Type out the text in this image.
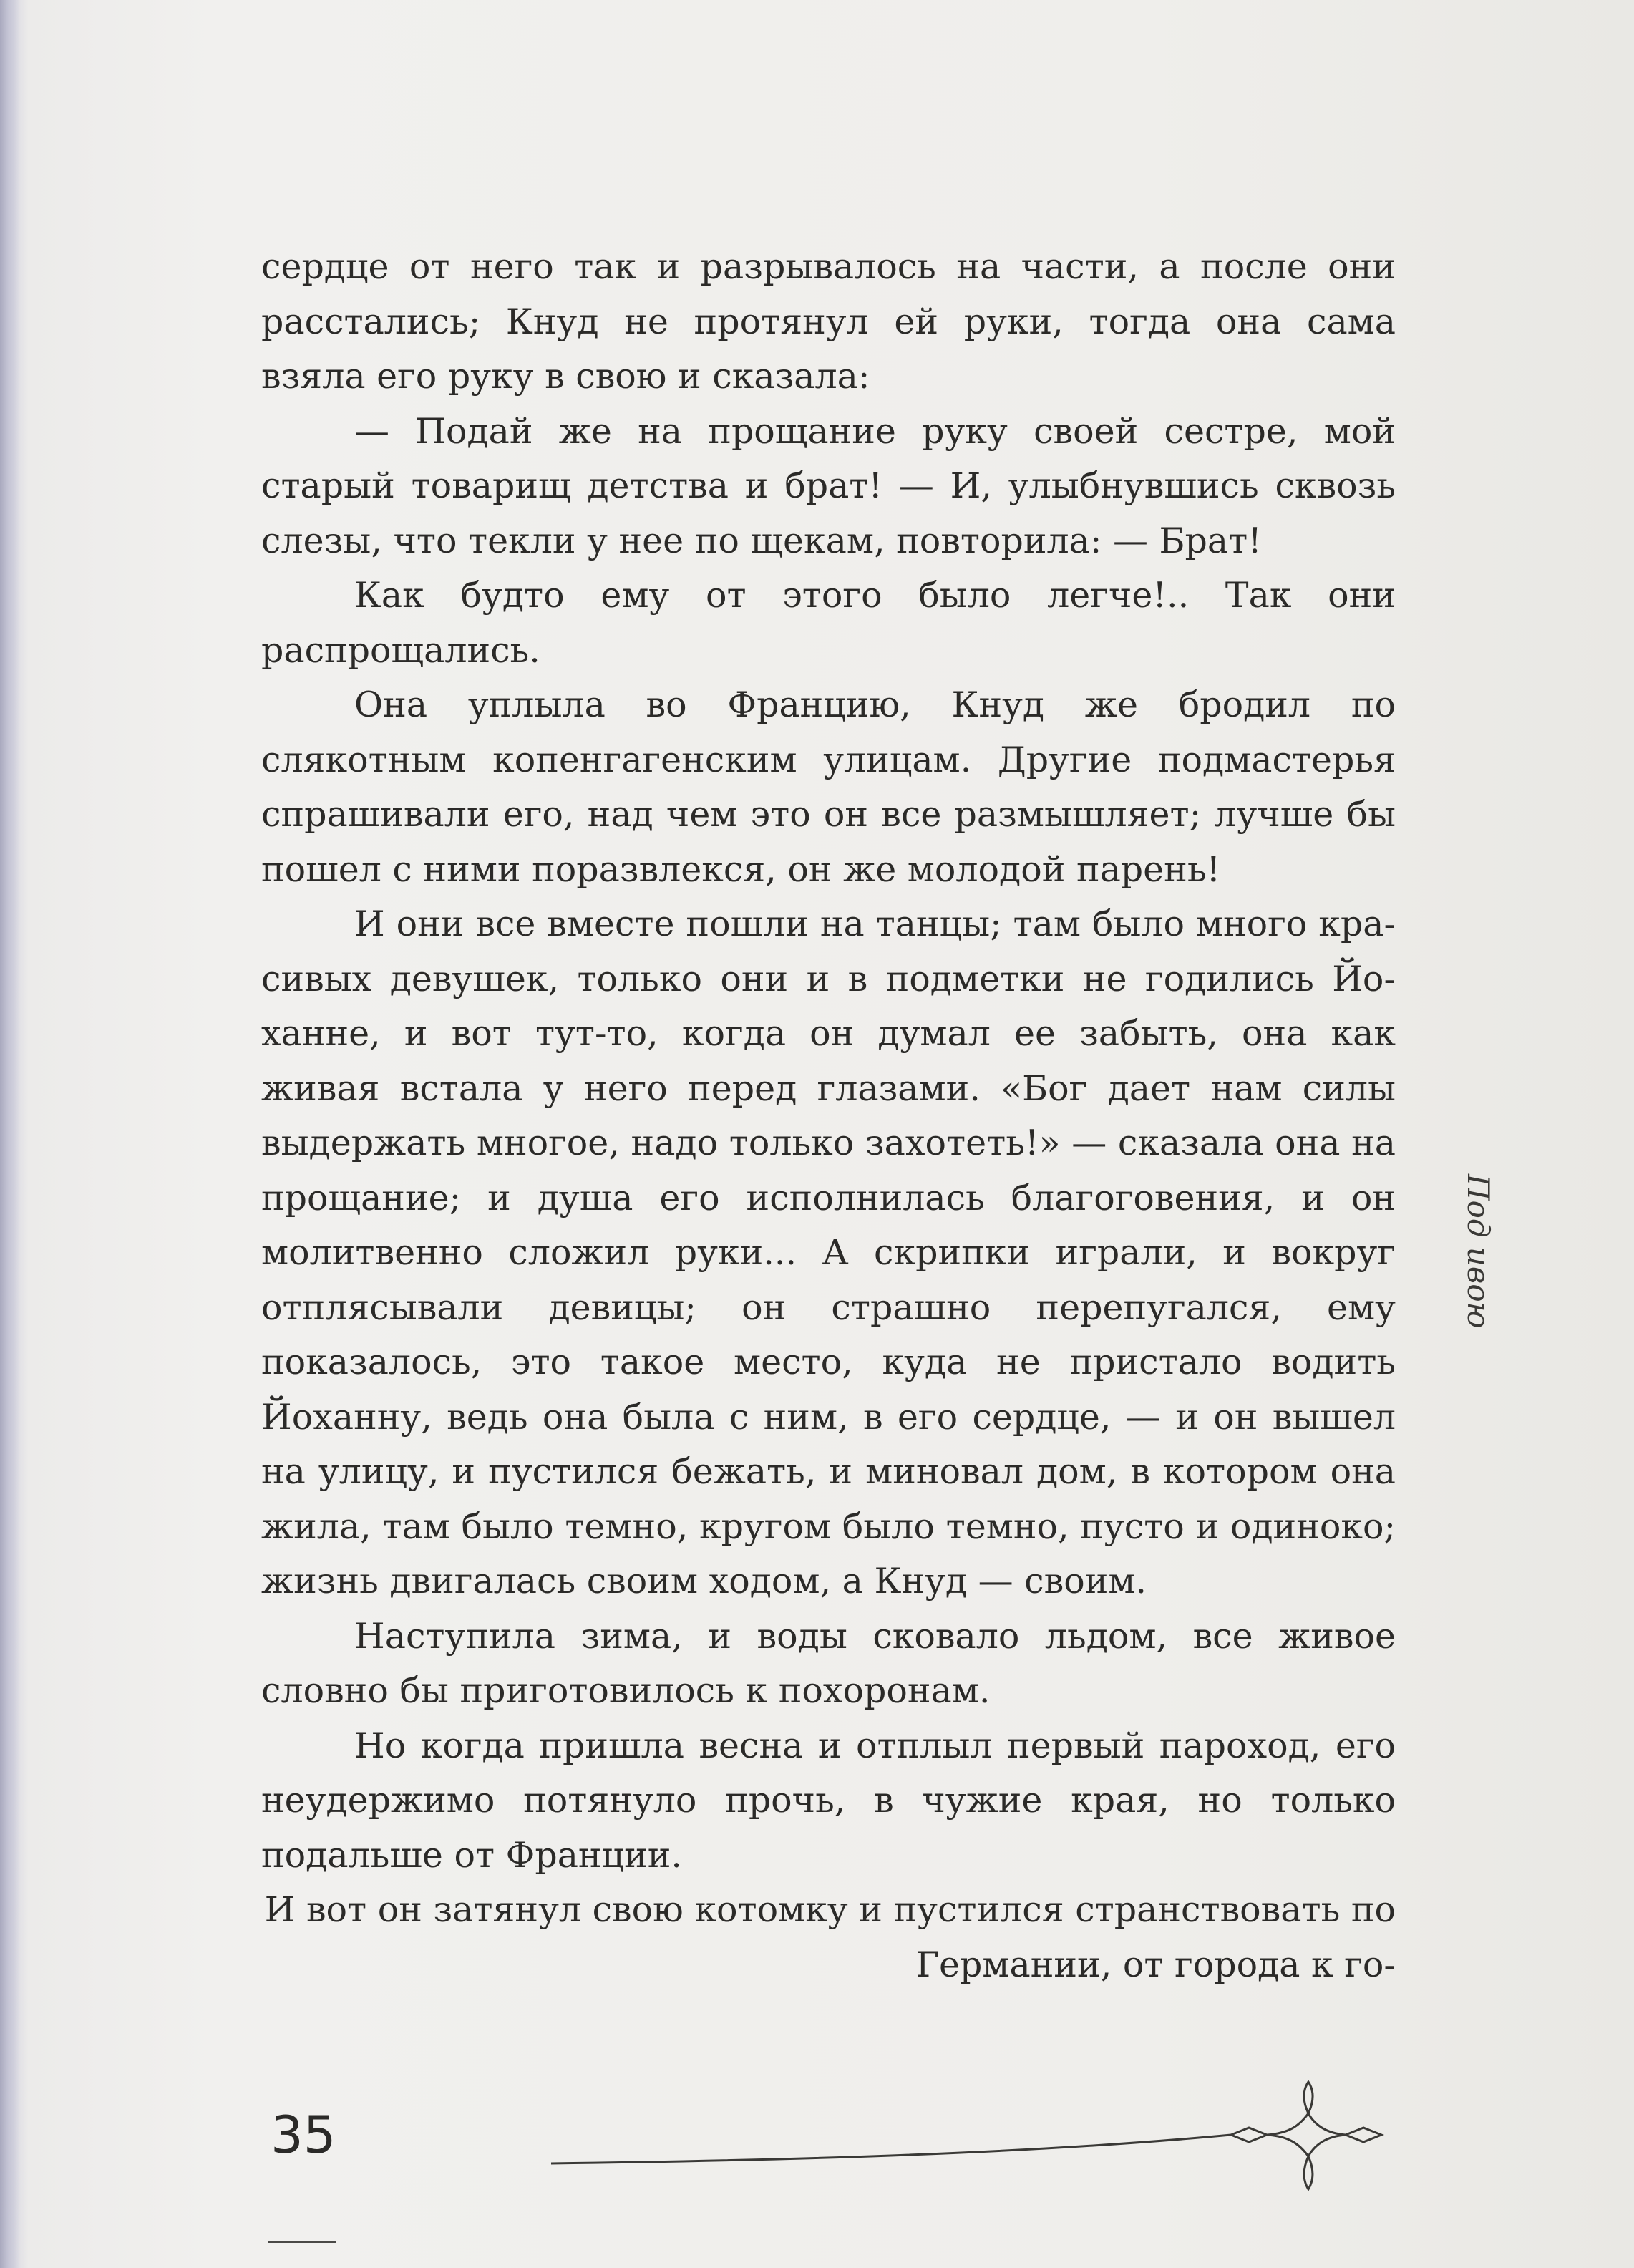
сердце от него так и разрывалось на части, а после они расстались; Кнуд не протянул ей руки, тогда она сама взяла его руку в свою и сказала:

— Подай же на прощание руку своей сестре, мой старый товарищ детства и брат! — И, улыбнувшись сквозь слезы, что текли у нее по щекам, повторила: — Брат!

Как будто ему от этого было легче!.. Так они распрощались.

Она уплыла во Францию, Кнуд же бродил по слякотным копенгагенским улицам. Другие подмастерья спрашивали его, над чем это он все размышляет; лучше бы пошел с ними поразвлекся, он же молодой парень!

И они все вместе пошли на танцы; там было много красивых девушек, только они и в подметки не годились Йоханне, и вот тут-то, когда он думал ее забыть, она как живая встала у него перед глазами. «Бог дает нам силы выдержать многое, надо только захотеть!» — сказала она на прощание; и душа его исполнилась благоговения, и он молитвенно сложил руки... А скрипки играли, и вокруг отплясывали девицы; он страшно перепугался, ему показалось, это такое место, куда не пристало водить Йоханну, ведь она была с ним, в его сердце, — и он вышел на улицу, и пустился бежать, и миновал дом, в котором она жила, там было темно, кругом было темно, пусто и одиноко; жизнь двигалась своим ходом, а Кнуд — своим.

Наступила зима, и воды сковало льдом, все живое словно бы приготовилось к похоронам.

Но когда пришла весна и отплыл первый пароход, его неудержимо потянуло прочь, в чужие края, но только подальше от Франции.

И вот он затянул свою котомку и пустился странствовать по Германии, от города к го-

Под ивою
35
